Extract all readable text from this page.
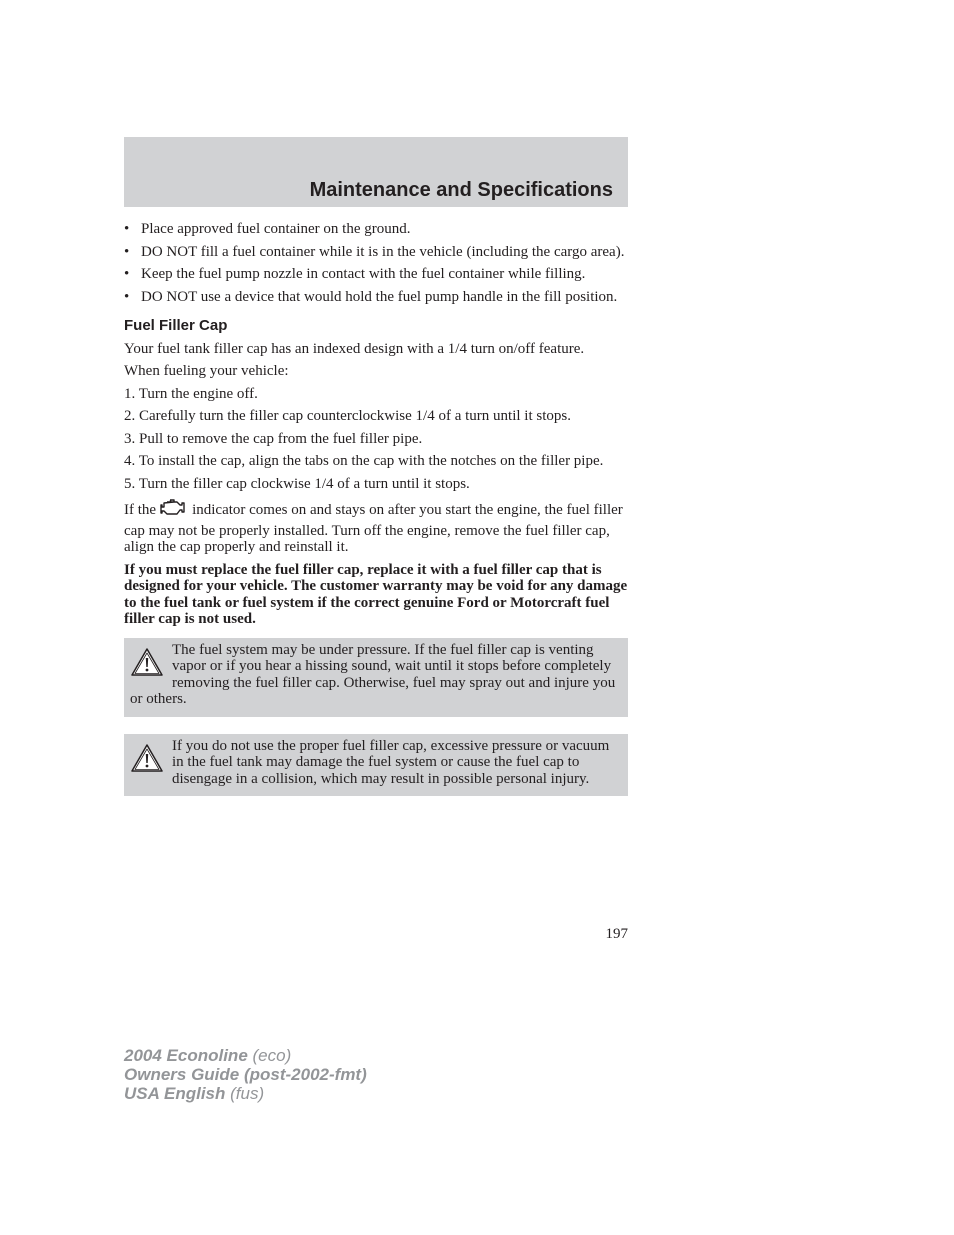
Maintenance and Specifications
• Place approved fuel container on the ground.
• DO NOT fill a fuel container while it is in the vehicle (including the cargo area).
• Keep the fuel pump nozzle in contact with the fuel container while filling.
• DO NOT use a device that would hold the fuel pump handle in the fill position.
Fuel Filler Cap

Your fuel tank filler cap has an indexed design with a 1/4 turn on/off feature.

When fueling your vehicle:

1. Turn the engine off.

2. Carefully turn the filler cap counterclockwise 1/4 of a turn until it stops.

3. Pull to remove the cap from the fuel filler pipe.

4. To install the cap, align the tabs on the cap with the notches on the filler pipe.

5. Turn the filler cap clockwise 1/4 of a turn until it stops.

If the indicator comes on and stays on after you start the engine, the fuel filler cap may not be properly installed. Turn off the engine, remove the fuel filler cap, align the cap properly and reinstall it.

If you must replace the fuel filler cap, replace it with a fuel filler cap that is designed for your vehicle. The customer warranty may be void for any damage to the fuel tank or fuel system if the correct genuine Ford or Motorcraft fuel filler cap is not used.

The fuel system may be under pressure. If the fuel filler cap is venting vapor or if you hear a hissing sound, wait until it stops before completely removing the fuel filler cap. Otherwise, fuel may spray out and injure you or others.
If you do not use the proper fuel filler cap, excessive pressure or vacuum in the fuel tank may damage the fuel system or cause the fuel cap to disengage in a collision, which may result in possible personal injury.
197
2004 Econoline (eco)
Owners Guide (post-2002-fmt)
USA English (fus)
